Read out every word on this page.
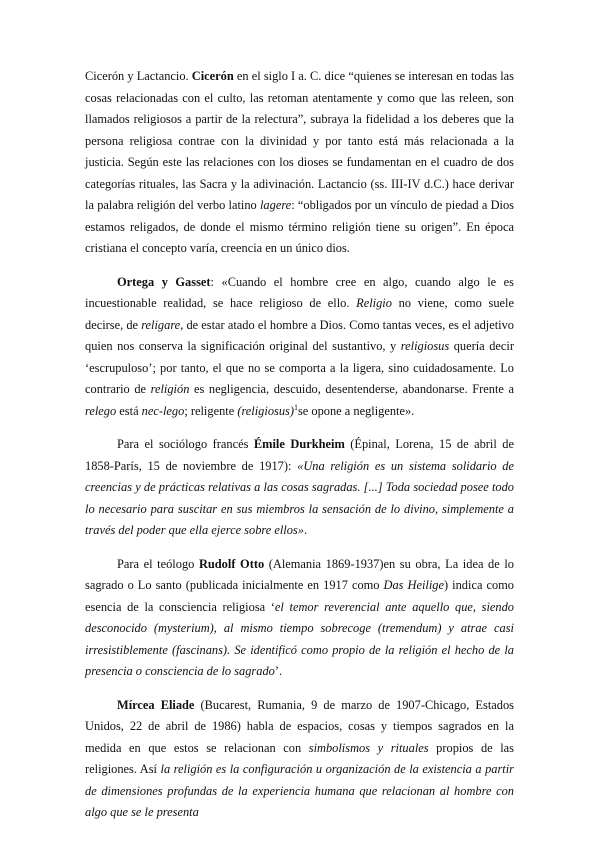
Cicerón y Lactancio. Cicerón en el siglo I a. C. dice “quienes se interesan en todas las cosas relacionadas con el culto, las retoman atentamente y como que las releen, son llamados religiosos a partir de la relectura”, subraya la fidelidad a los deberes que la persona religiosa contrae con la divinidad y por tanto está más relacionada a la justicia. Según este las relaciones con los dioses se fundamentan en el cuadro de dos categorías rituales, las Sacra y la adivinación. Lactancio (ss. III-IV d.C.) hace derivar la palabra religión del verbo latino lagere: “obligados por un vínculo de piedad a Dios estamos religados, de donde el mismo término religión tiene su origen”. En época cristiana el concepto varía, creencia en un único dios.

Ortega y Gasset: «Cuando el hombre cree en algo, cuando algo le es incuestionable realidad, se hace religioso de ello. Religio no viene, como suele decirse, de religare, de estar atado el hombre a Dios. Como tantas veces, es el adjetivo quien nos conserva la significación original del sustantivo, y religiosus quería decir ‘escrupuloso’; por tanto, el que no se comporta a la ligera, sino cuidadosamente. Lo contrario de religión es negligencia, descuido, desentenderse, abandonarse. Frente a relego está nec-lego; religente (religiosus)$^1$se opone a negligente».

Para el sociólogo francés Émile Durkheim (Épinal, Lorena, 15 de abril de 1858-París, 15 de noviembre de 1917): «Una religión es un sistema solidario de creencias y de prácticas relativas a las cosas sagradas. [...] Toda sociedad posee todo lo necesario para suscitar en sus miembros la sensación de lo divino, simplemente a través del poder que ella ejerce sobre ellos».

Para el teólogo Rudolf Otto (Alemania 1869-1937)en su obra, La idea de lo sagrado o Lo santo (publicada inicialmente en 1917 como Das Heilige) indica como esencia de la consciencia religiosa ‘el temor reverencial ante aquello que, siendo desconocido (mysterium), al mismo tiempo sobrecoge (tremendum) y atrae casi irresistiblemente (fascinans). Se identificó como propio de la religión el hecho de la presencia o consciencia de lo sagrado’.

Mírcea Eliade (Bucarest, Rumania, 9 de marzo de 1907-Chicago, Estados Unidos, 22 de abril de 1986) habla de espacios, cosas y tiempos sagrados en la medida en que estos se relacionan con simbolismos y rituales propios de las religiones. Así la religión es la configuración u organización de la existencia a partir de dimensiones profundas de la experiencia humana que relacionan al hombre con algo que se le presenta
